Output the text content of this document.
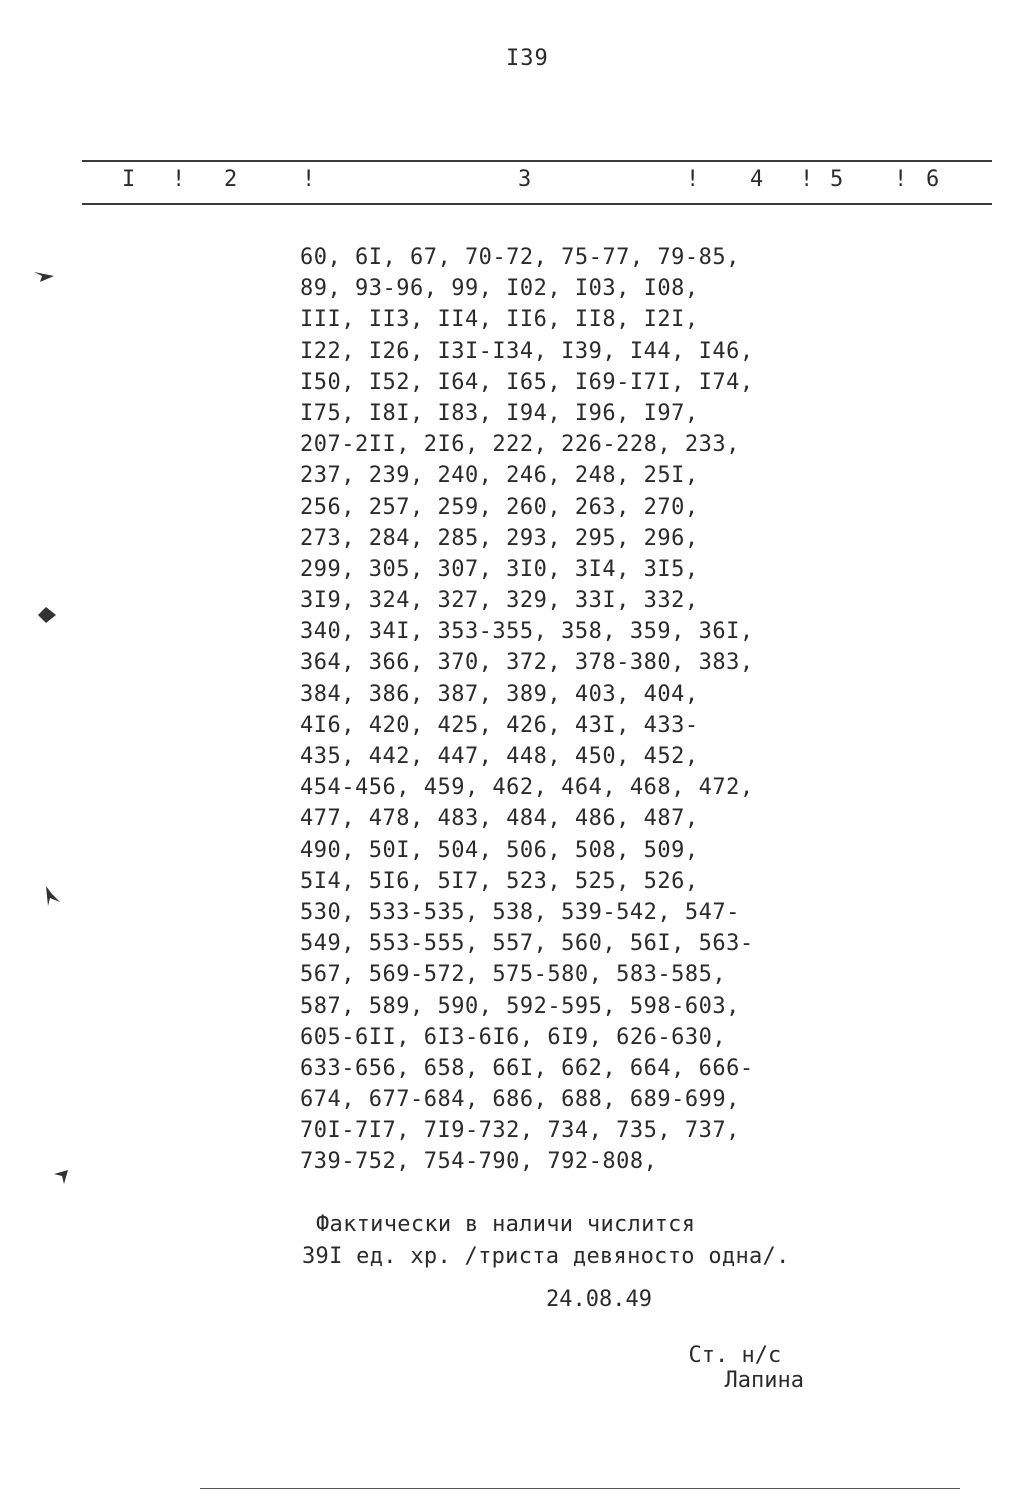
I39
I ! 2	!	3	! 4 ! 5 ! 6
60, 6I, 67, 70-72, 75-77, 79-85,
89, 93-96, 99, I02, I03, I08,
III, II3, II4, II6, II8, I2I,
I22, I26, I3I-I34, I39, I44, I46,
I50, I52, I64, I65, I69-I7I, I74,
I75, I8I, I83, I94, I96, I97,
207-2II, 2I6, 222, 226-228, 233,
237, 239, 240, 246, 248, 25I,
256, 257, 259, 260, 263, 270,
273, 284, 285, 293, 295, 296,
299, 305, 307, 3I0, 3I4, 3I5,
3I9, 324, 327, 329, 33I, 332,
340, 34I, 353-355, 358, 359, 36I,
364, 366, 370, 372, 378-380, 383,
384, 386, 387, 389, 403, 404,
4I6, 420, 425, 426, 43I, 433-
435, 442, 447, 448, 450, 452,
454-456, 459, 462, 464, 468, 472,
477, 478, 483, 484, 486, 487,
490, 50I, 504, 506, 508, 509,
5I4, 5I6, 5I7, 523, 525, 526,
530, 533-535, 538, 539-542, 547-
549, 553-555, 557, 560, 56I, 563-
567, 569-572, 575-580, 583-585,
587, 589, 590, 592-595, 598-603,
605-6II, 6I3-6I6, 6I9, 626-630,
633-656, 658, 66I, 662, 664, 666-
674, 677-684, 686, 688, 689-699,
70I-7I7, 7I9-732, 734, 735, 737,
739-752, 754-790, 792-808,
Фактически в наличи числится
39I ед. хр. /триста девяносто одна/.
24.08.49

Ст. н/с
Лапина
